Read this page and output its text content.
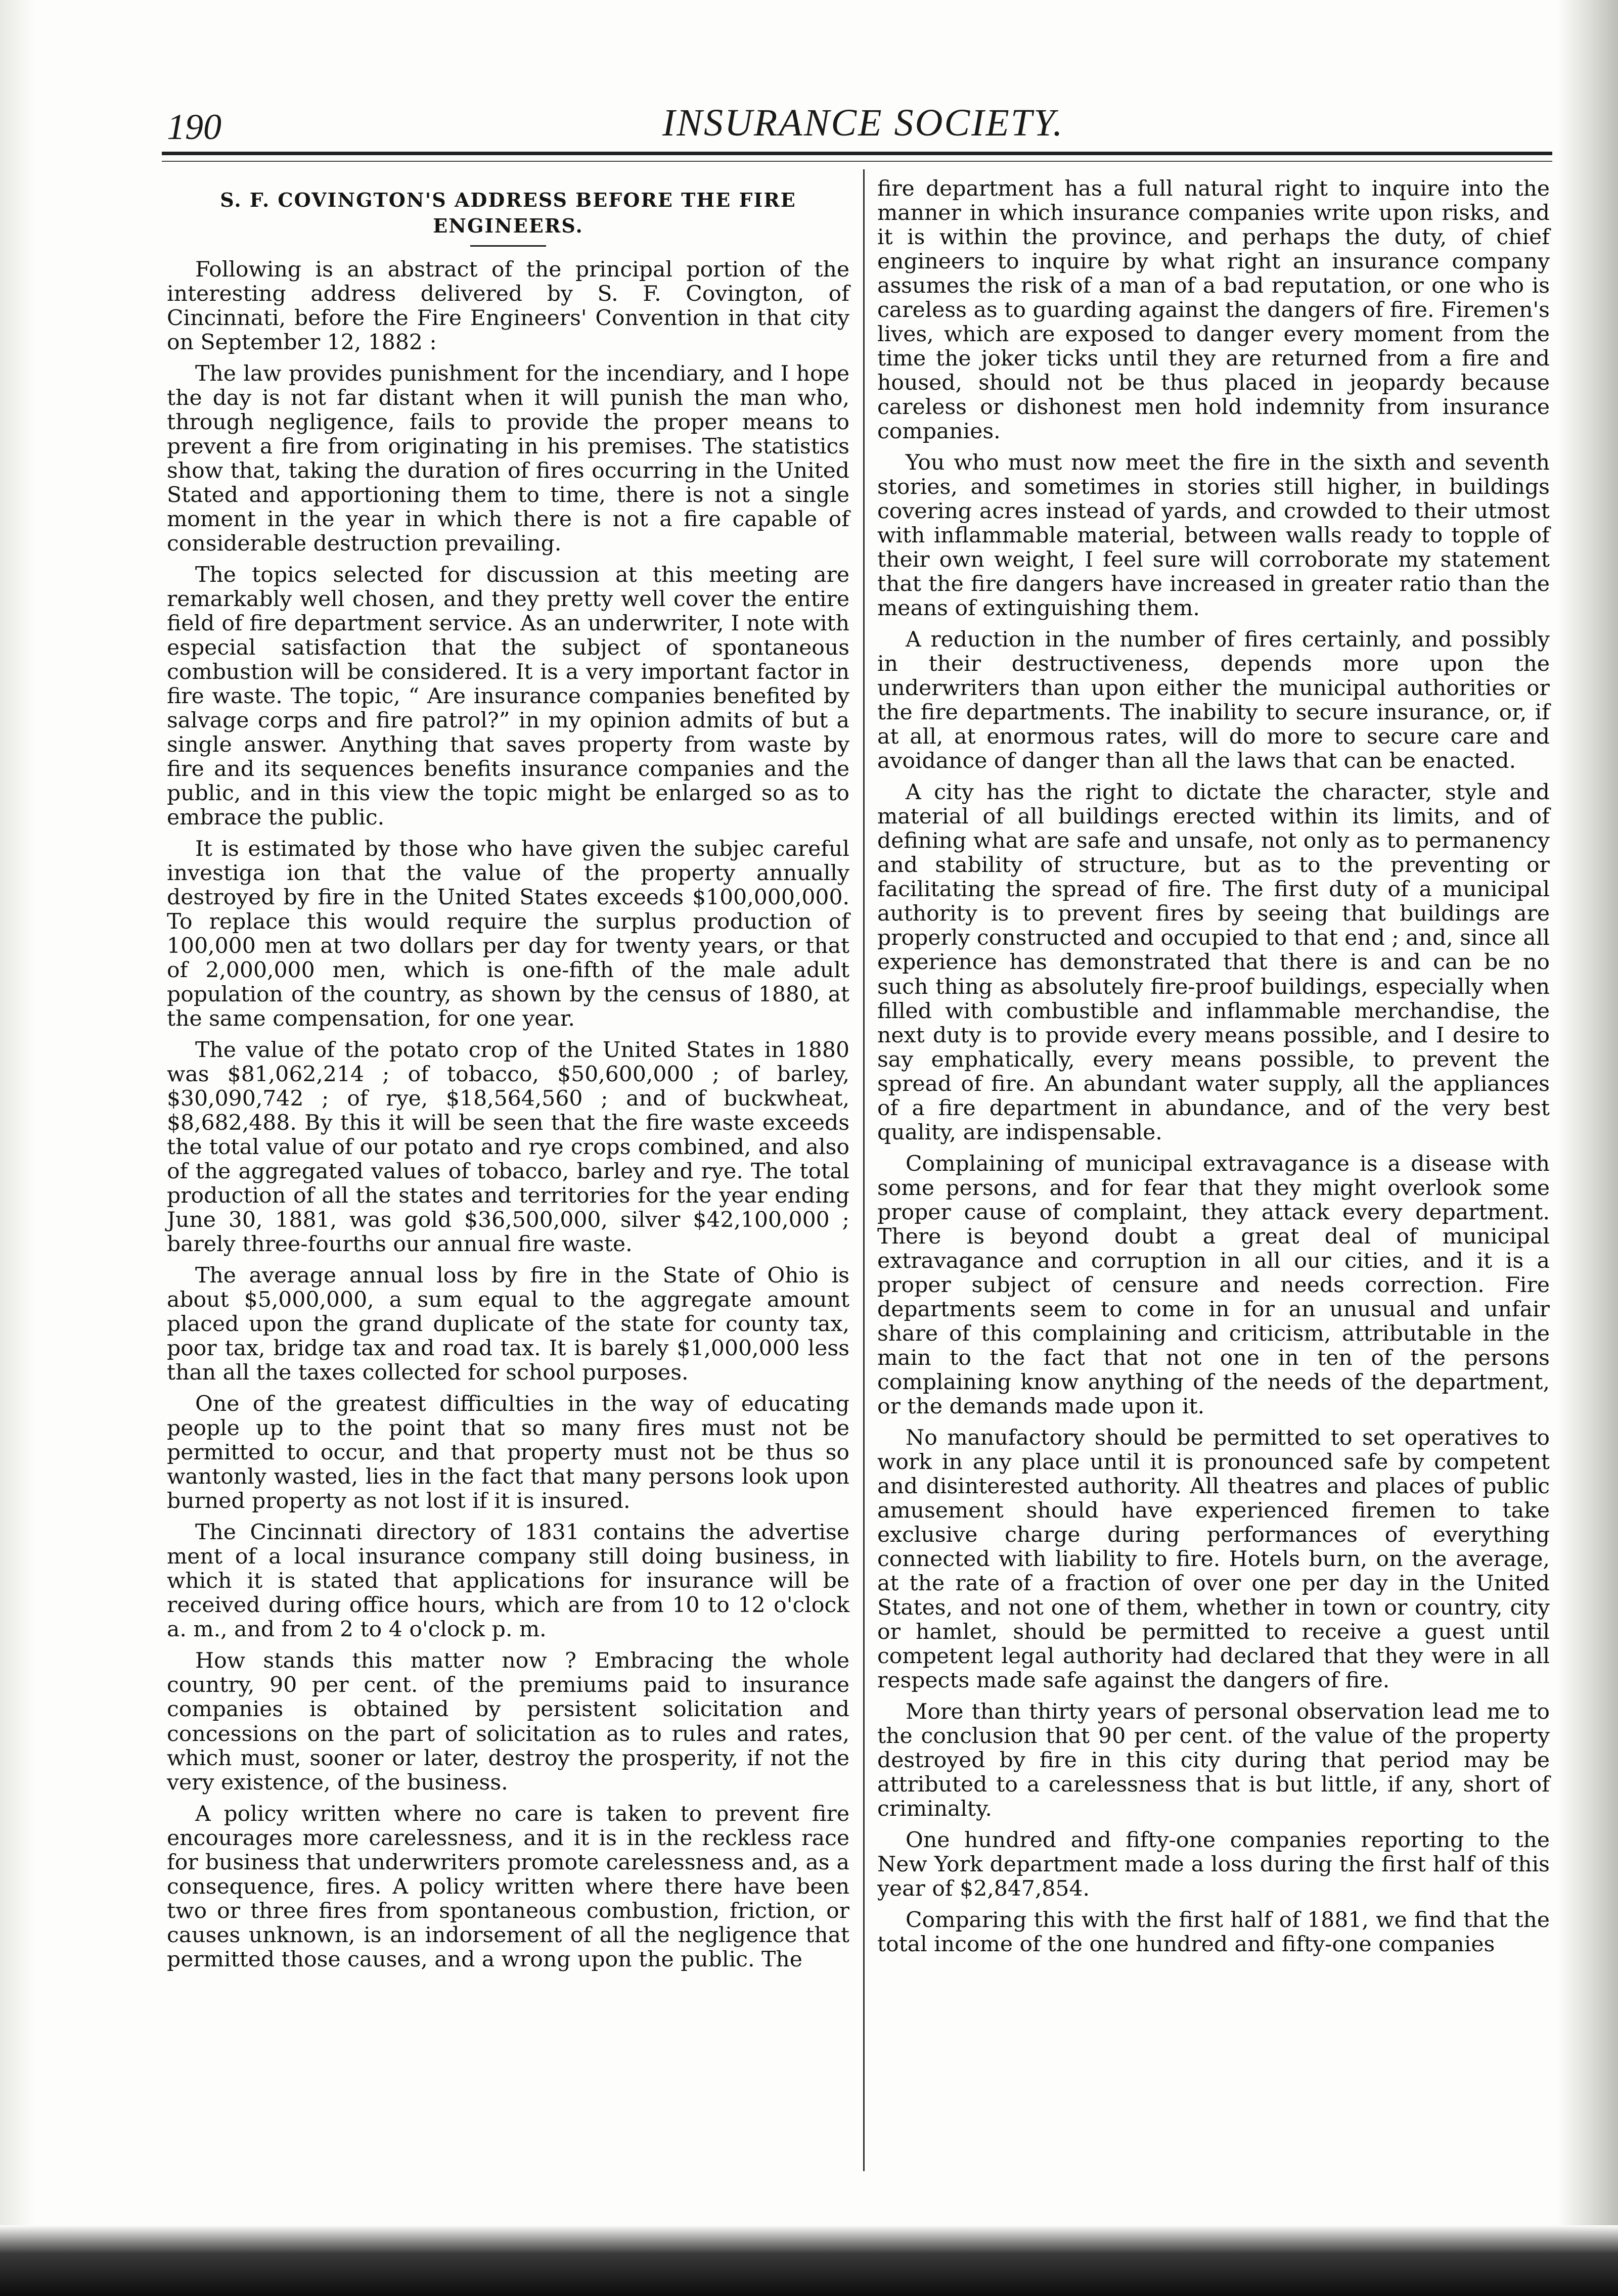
190	INSURANCE SOCIETY.
S. F. COVINGTON'S ADDRESS BEFORE THE FIRE ENGINEERS.

Following is an abstract of the principal portion of the interesting address delivered by S. F. Covington, of Cincinnati, before the Fire Engineers' Convention in that city on September 12, 1882 :

The law provides punishment for the incendiary, and I hope the day is not far distant when it will punish the man who, through negligence, fails to provide the proper means to prevent a fire from originating in his premises. The statistics show that, taking the duration of fires occurring in the United Stated and apportioning them to time, there is not a single moment in the year in which there is not a fire capable of considerable destruction prevailing.

The topics selected for discussion at this meeting are remarkably well chosen, and they pretty well cover the entire field of fire department service. As an underwriter, I note with especial satisfaction that the subject of spontaneous combustion will be considered. It is a very important factor in fire waste. The topic, “ Are insurance companies benefited by salvage corps and fire patrol?” in my opinion admits of but a single answer. Anything that saves property from waste by fire and its sequences benefits insurance companies and the public, and in this view the topic might be enlarged so as to embrace the public.

It is estimated by those who have given the subjec careful investiga ion that the value of the property annually destroyed by fire in the United States exceeds $100,000,000. To replace this would require the surplus production of 100,000 men at two dollars per day for twenty years, or that of 2,000,000 men, which is one-fifth of the male adult population of the country, as shown by the census of 1880, at the same compensation, for one year.

The value of the potato crop of the United States in 1880 was $81,062,214 ; of tobacco, $50,600,000 ; of barley, $30,090,742 ; of rye, $18,564,560 ; and of buckwheat, $8,682,488. By this it will be seen that the fire waste exceeds the total value of our potato and rye crops combined, and also of the aggregated values of tobacco, barley and rye. The total production of all the states and territories for the year ending June 30, 1881, was gold $36,500,000, silver $42,100,000 ; barely three-fourths our annual fire waste.

The average annual loss by fire in the State of Ohio is about $5,000,000, a sum equal to the aggregate amount placed upon the grand duplicate of the state for county tax, poor tax, bridge tax and road tax. It is barely $1,000,000 less than all the taxes collected for school purposes.

One of the greatest difficulties in the way of educating people up to the point that so many fires must not be permitted to occur, and that property must not be thus so wantonly wasted, lies in the fact that many persons look upon burned property as not lost if it is insured.

The Cincinnati directory of 1831 contains the advertise ment of a local insurance company still doing business, in which it is stated that applications for insurance will be received during office hours, which are from 10 to 12 o'clock a. m., and from 2 to 4 o'clock p. m.

How stands this matter now ? Embracing the whole country, 90 per cent. of the premiums paid to insurance companies is obtained by persistent solicitation and concessions on the part of solicitation as to rules and rates, which must, sooner or later, destroy the prosperity, if not the very existence, of the business.

A policy written where no care is taken to prevent fire encourages more carelessness, and it is in the reckless race for business that underwriters promote carelessness and, as a consequence, fires. A policy written where there have been two or three fires from spontaneous combustion, friction, or causes unknown, is an indorsement of all the negligence that permitted those causes, and a wrong upon the public. The

fire department has a full natural right to inquire into the manner in which insurance companies write upon risks, and it is within the province, and perhaps the duty, of chief engineers to inquire by what right an insurance company assumes the risk of a man of a bad reputation, or one who is careless as to guarding against the dangers of fire. Firemen's lives, which are exposed to danger every moment from the time the joker ticks until they are returned from a fire and housed, should not be thus placed in jeopardy because careless or dishonest men hold indemnity from insurance companies.

You who must now meet the fire in the sixth and seventh stories, and sometimes in stories still higher, in buildings covering acres instead of yards, and crowded to their utmost with inflammable material, between walls ready to topple of their own weight, I feel sure will corroborate my statement that the fire dangers have increased in greater ratio than the means of extinguishing them.

A reduction in the number of fires certainly, and possibly in their destructiveness, depends more upon the underwriters than upon either the municipal authorities or the fire departments. The inability to secure insurance, or, if at all, at enormous rates, will do more to secure care and avoidance of danger than all the laws that can be enacted.

A city has the right to dictate the character, style and material of all buildings erected within its limits, and of defining what are safe and unsafe, not only as to permanency and stability of structure, but as to the preventing or facilitating the spread of fire. The first duty of a municipal authority is to prevent fires by seeing that buildings are properly constructed and occupied to that end ; and, since all experience has demonstrated that there is and can be no such thing as absolutely fire-proof buildings, especially when filled with combustible and inflammable merchandise, the next duty is to provide every means possible, and I desire to say emphatically, every means possible, to prevent the spread of fire. An abundant water supply, all the appliances of a fire department in abundance, and of the very best quality, are indispensable.

Complaining of municipal extravagance is a disease with some persons, and for fear that they might overlook some proper cause of complaint, they attack every department. There is beyond doubt a great deal of municipal extravagance and corruption in all our cities, and it is a proper subject of censure and needs correction. Fire departments seem to come in for an unusual and unfair share of this complaining and criticism, attributable in the main to the fact that not one in ten of the persons complaining know anything of the needs of the department, or the demands made upon it.

No manufactory should be permitted to set operatives to work in any place until it is pronounced safe by competent and disinterested authority. All theatres and places of public amusement should have experienced firemen to take exclusive charge during performances of everything connected with liability to fire. Hotels burn, on the average, at the rate of a fraction of over one per day in the United States, and not one of them, whether in town or country, city or hamlet, should be permitted to receive a guest until competent legal authority had declared that they were in all respects made safe against the dangers of fire.

More than thirty years of personal observation lead me to the conclusion that 90 per cent. of the value of the property destroyed by fire in this city during that period may be attributed to a carelessness that is but little, if any, short of criminalty.

One hundred and fifty-one companies reporting to the New York department made a loss during the first half of this year of $2,847,854.

Comparing this with the first half of 1881, we find that the total income of the one hundred and fifty-one companies
